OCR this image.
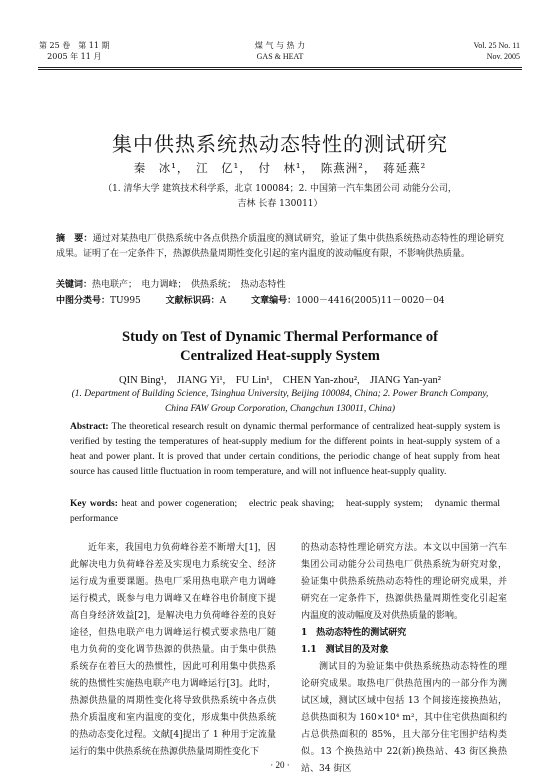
第 25 卷　第 11 期
2005 年 11 月
煤 气 与 热 力
GAS & HEAT
Vol. 25 No. 11
Nov. 2005
集中供热系统热动态特性的测试研究
秦　冰¹，　江　亿¹，　付　林¹，　陈燕洲²，　蒋延燕²
（1. 清华大学 建筑技术科学系，北京 100084；2. 中国第一汽车集团公司 动能分公司，
吉林 长春 130011）
摘　要：通过对某热电厂供热系统中各点供热介质温度的测试研究，验证了集中供热系统热动态特性的理论研究成果。证明了在一定条件下，热源供热量周期性变化引起的室内温度的波动幅度有限，不影响供热质量。
关键词：热电联产；　电力调峰；　供热系统；　热动态特性
中图分类号：TU995	文献标识码：A	文章编号：1000－4416(2005)11－0020－04
Study on Test of Dynamic Thermal Performance of
Centralized Heat-supply System
QIN Bing¹,　JIANG Yi¹,　FU Lin¹,　CHEN Yan-zhou²,　JIANG Yan-yan²
(1. Department of Building Science, Tsinghua University, Beijing 100084, China; 2. Power Branch Company, China FAW Group Corporation, Changchun 130011, China)
Abstract: The theoretical research result on dynamic thermal performance of centralized heat-supply system is verified by testing the temperatures of heat-supply medium for the different points in heat-supply system of a heat and power plant. It is proved that under certain conditions, the periodic change of heat supply from heat source has caused little fluctuation in room temperature, and will not influence heat-supply quality.
Key words: heat and power cogeneration;　electric peak shaving;　heat-supply system;　dynamic thermal performance

近年来，我国电力负荷峰谷差不断增大[1]，因此解决电力负荷峰谷差及实现电力系统安全、经济运行成为重要课题。热电厂采用热电联产电力调峰运行模式，既参与电力调峰又在峰谷电价制度下提高自身经济效益[2]，是解决电力负荷峰谷差的良好途径，但热电联产电力调峰运行模式要求热电厂随电力负荷的变化调节热源的供热量。由于集中供热系统存在着巨大的热惯性，因此可利用集中供热系统的热惯性实施热电联产电力调峰运行[3]。此时，热源供热量的周期性变化将导致供热系统中各点供热介质温度和室内温度的变化，形成集中供热系统的热动态变化过程。文献[4]提出了 1 种用于定流量运行的集中供热系统在热源供热量周期性变化下

的热动态特性理论研究方法。本文以中国第一汽车集团公司动能分公司热电厂供热系统为研究对象，验证集中供热系统热动态特性的理论研究成果，并研究在一定条件下，热源供热量周期性变化引起室内温度的波动幅度及对供热质量的影响。

1　热动态特性的测试研究

1.1　测试目的及对象

测试目的为验证集中供热系统热动态特性的理论研究成果。取热电厂供热范围内的一部分作为测试区域，测试区域中包括 13 个间接连接换热站，总供热面积为 160×10⁴ m²，其中住宅供热面积约占总供热面积的 85%，且大部分住宅围护结构类似。13 个换热站中 22(新)换热站、43 街区换热站、34 街区

· 20 ·
